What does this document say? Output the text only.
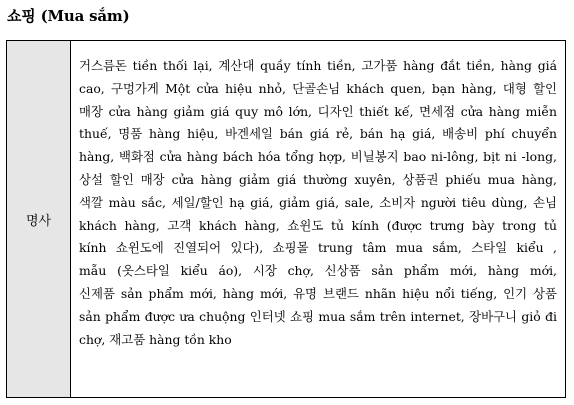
쇼핑 (Mua sắm)
명사
거스름돈 tiền thối lại, 계산대 quầy tính tiền, 고가품 hàng đắt tiền, hàng giá
cao, 구멍가게 Một cửa hiệu nhỏ, 단골손님 khách quen, bạn hàng, 대형 할인
매장 cửa hàng giảm giá quy mô lớn, 디자인 thiết kế, 면세점 cửa hàng miễn
thuế, 명품 hàng hiệu, 바겐세일 bán giá rẻ, bán hạ giá, 배송비 phí chuyển
hàng, 백화점 cửa hàng bách hóa tổng hợp, 비닐봉지 bao ni-lông, bịt ni -long,
상설 할인 매장 cửa hàng giảm giá thường xuyên, 상품권 phiếu mua hàng,
색깔 màu sắc, 세일/할인 hạ giá, giảm giá, sale, 소비자 người tiêu dùng, 손님
khách hàng, 고객 khách hàng, 쇼윈도 tủ kính (được trưng bày trong tủ
kính 쇼윈도에 진열되어 있다), 쇼핑몰 trung tâm mua sắm, 스타일 kiểu ,
mẫu (옷스타일 kiểu áo), 시장 chợ, 신상품 sản phẩm mới, hàng mới,
신제품 sản phẩm mới, hàng mới, 유명 브랜드 nhãn hiệu nổi tiếng, 인기 상품
sản phẩm được ưa chuộng 인터넷 쇼핑 mua sắm trên internet, 장바구니 giỏ đi
chợ, 재고품 hàng tồn kho
